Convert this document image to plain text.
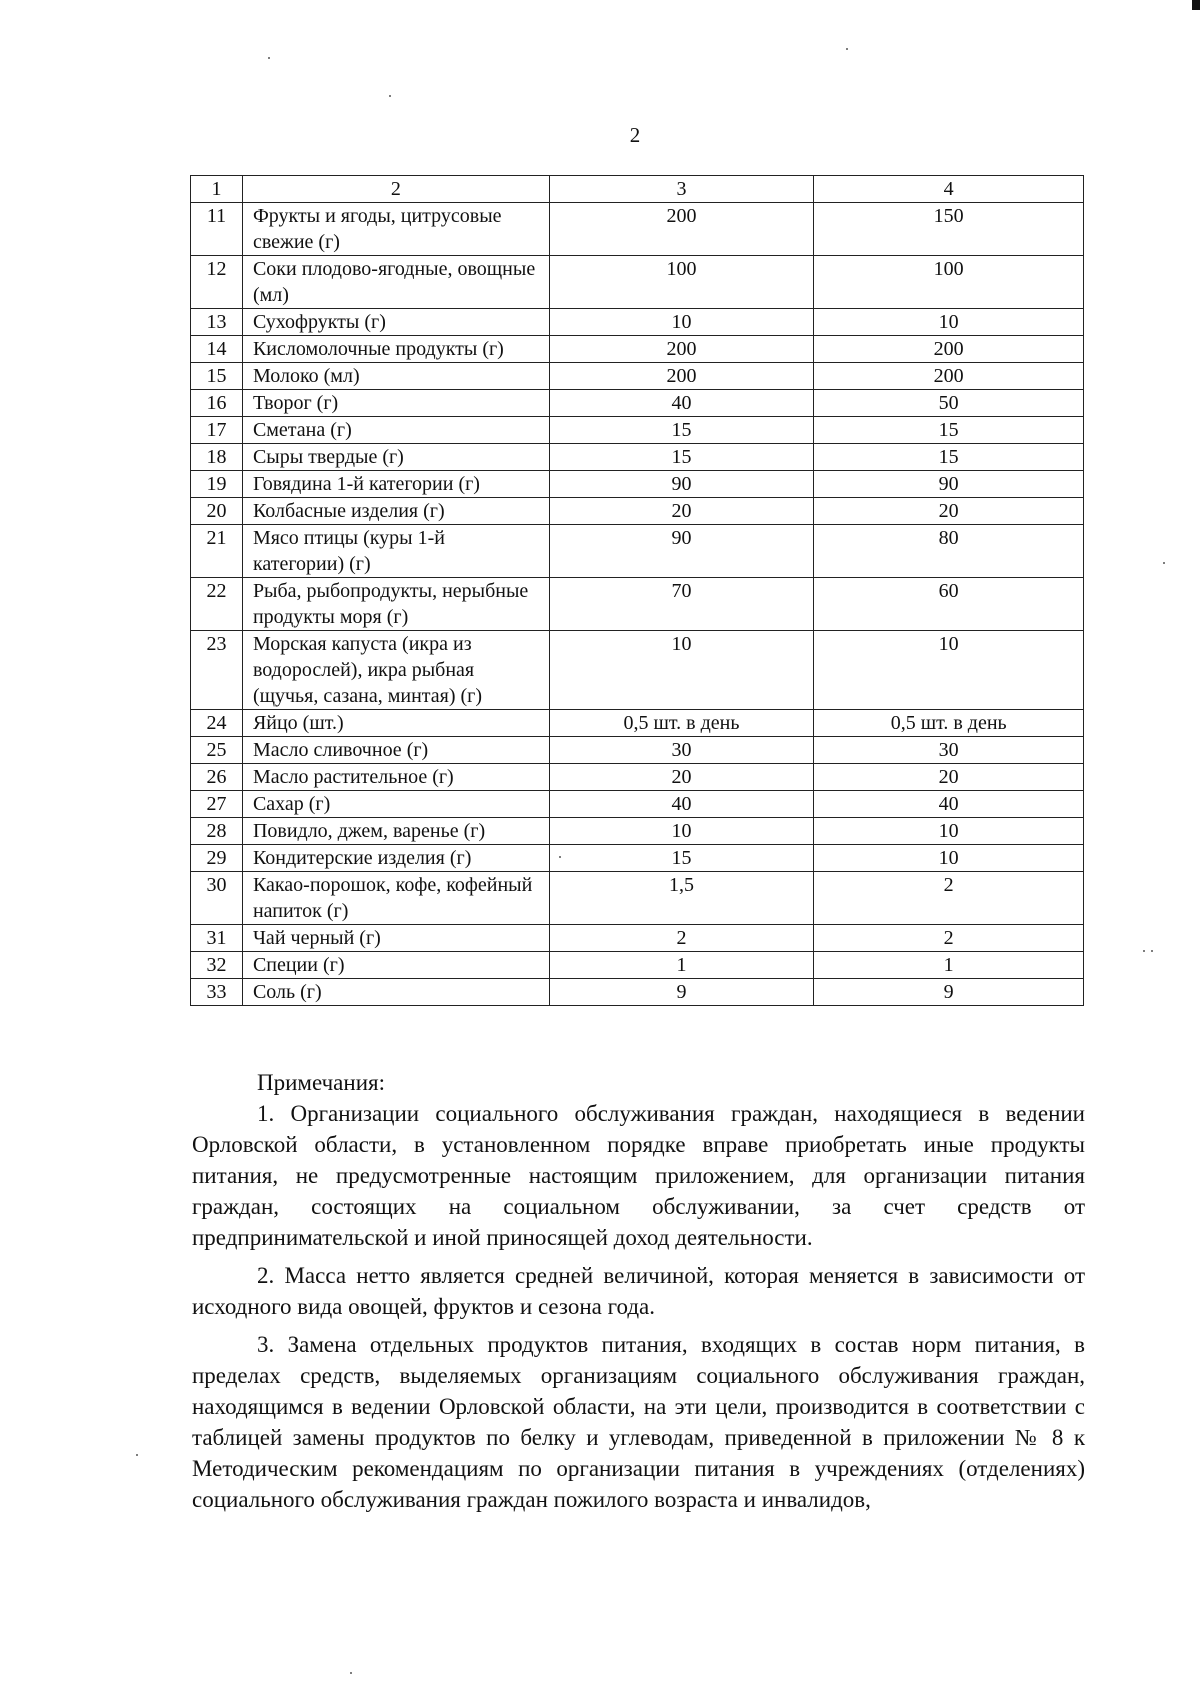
2
1	2	3	4
11	Фрукты и ягоды, цитрусовые свежие (г)	200	150
12	Соки плодово-ягодные, овощные (мл)	100	100
13	Сухофрукты (г)	10	10
14	Кисломолочные продукты (г)	200	200
15	Молоко (мл)	200	200
16	Творог (г)	40	50
17	Сметана (г)	15	15
18	Сыры твердые (г)	15	15
19	Говядина 1-й категории (г)	90	90
20	Колбасные изделия (г)	20	20
21	Мясо птицы (куры 1-й категории) (г)	90	80
22	Рыба, рыбопродукты, нерыбные продукты моря (г)	70	60
23	Морская капуста (икра из водорослей), икра рыбная (щучья, сазана, минтая) (г)	10	10
24	Яйцо (шт.)	0,5 шт. в день	0,5 шт. в день
25	Масло сливочное (г)	30	30
26	Масло растительное (г)	20	20
27	Сахар (г)	40	40
28	Повидло, джем, варенье (г)	10	10
29	Кондитерские изделия (г)	15	10
30	Какао-порошок, кофе, кофейный напиток (г)	1,5	2
31	Чай черный (г)	2	2
32	Специи (г)	1	1
33	Соль (г)	9	9

Примечания:

1. Организации социального обслуживания граждан, находящиеся в ведении Орловской области, в установленном порядке вправе приобретать иные продукты питания, не предусмотренные настоящим приложением, для организации питания граждан, состоящих на социальном обслуживании, за счет средств от предпринимательской и иной приносящей доход деятельности.

2. Масса нетто является средней величиной, которая меняется в зависимости от исходного вида овощей, фруктов и сезона года.

3. Замена отдельных продуктов питания, входящих в состав норм питания, в пределах средств, выделяемых организациям социального обслуживания граждан, находящимся в ведении Орловской области, на эти цели, производится в соответствии с таблицей замены продуктов по белку и углеводам, приведенной в приложении № 8 к Методическим рекомендациям по организации питания в учреждениях (отделениях) социального обслуживания граждан пожилого возраста и инвалидов,
